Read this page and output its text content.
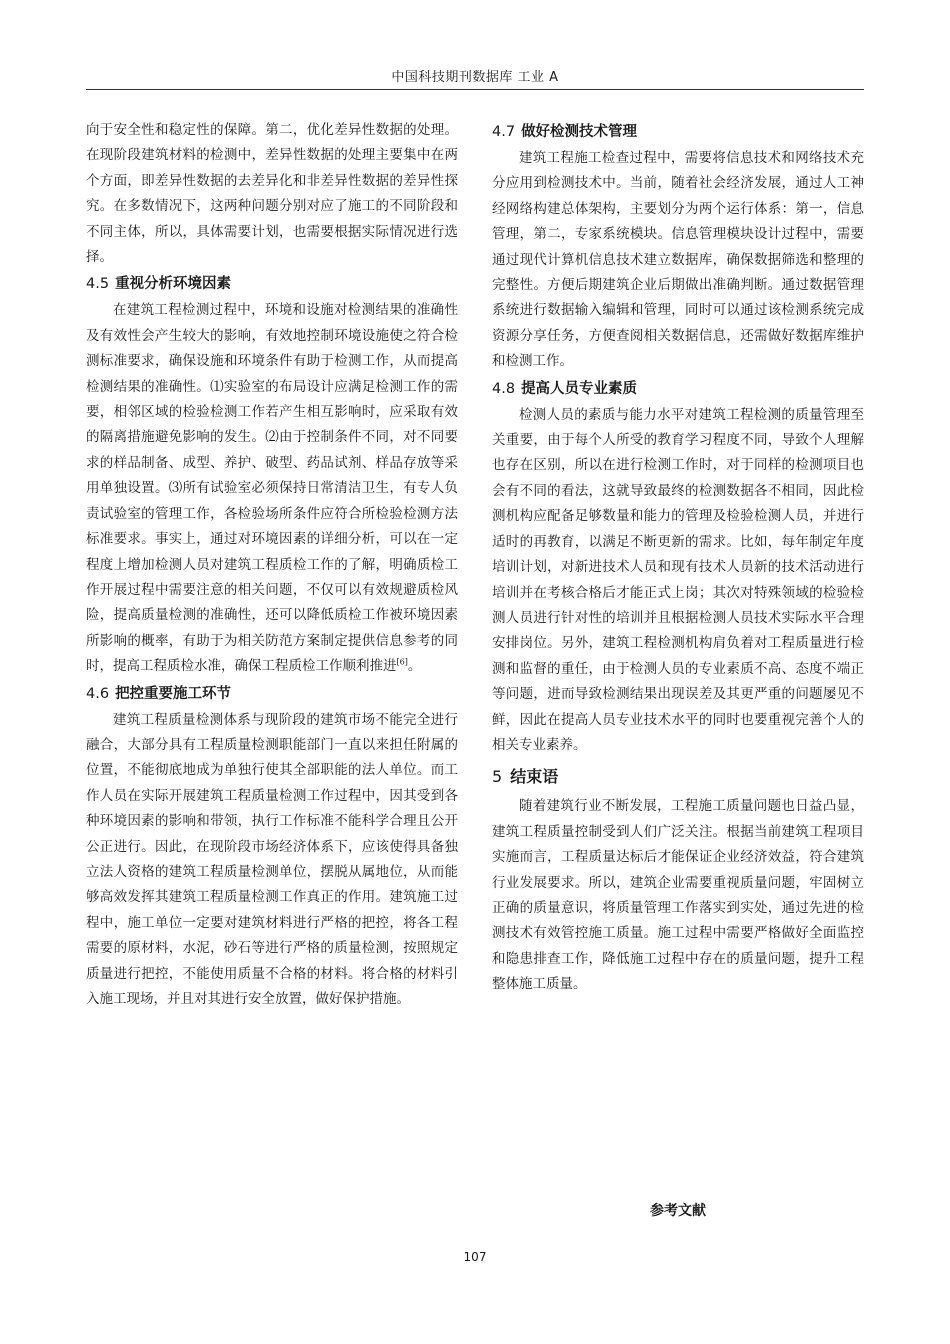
中国科技期刊数据库 工业 A

向于安全性和稳定性的保障。第二，优化差异性数据的处理。在现阶段建筑材料的检测中，差异性数据的处理主要集中在两个方面，即差异性数据的去差异化和非差异性数据的差异性探究。在多数情况下，这两种问题分别对应了施工的不同阶段和不同主体，所以，具体需要计划，也需要根据实际情况进行选择。

4.5 重视分析环境因素

在建筑工程检测过程中，环境和设施对检测结果的准确性及有效性会产生较大的影响，有效地控制环境设施使之符合检测标准要求，确保设施和环境条件有助于检测工作，从而提高检测结果的准确性。⑴实验室的布局设计应满足检测工作的需要，相邻区域的检验检测工作若产生相互影响时，应采取有效的隔离措施避免影响的发生。⑵由于控制条件不同，对不同要求的样品制备、成型、养护、破型、药品试剂、样品存放等采用单独设置。⑶所有试验室必须保持日常清洁卫生，有专人负责试验室的管理工作，各检验场所条件应符合所检验检测方法标准要求。事实上，通过对环境因素的详细分析，可以在一定程度上增加检测人员对建筑工程质检工作的了解，明确质检工作开展过程中需要注意的相关问题，不仅可以有效规避质检风险，提高质量检测的准确性，还可以降低质检工作被环境因素所影响的概率，有助于为相关防范方案制定提供信息参考的同时，提高工程质检水准，确保工程质检工作顺利推进[6]。

4.6 把控重要施工环节

建筑工程质量检测体系与现阶段的建筑市场不能完全进行融合，大部分具有工程质量检测职能部门一直以来担任附属的位置，不能彻底地成为单独行使其全部职能的法人单位。而工作人员在实际开展建筑工程质量检测工作过程中，因其受到各种环境因素的影响和带领，执行工作标准不能科学合理且公开公正进行。因此，在现阶段市场经济体系下，应该使得具备独立法人资格的建筑工程质量检测单位，摆脱从属地位，从而能够高效发挥其建筑工程质量检测工作真正的作用。建筑施工过程中，施工单位一定要对建筑材料进行严格的把控，将各工程需要的原材料，水泥，砂石等进行严格的质量检测，按照规定质量进行把控，不能使用质量不合格的材料。将合格的材料引入施工现场，并且对其进行安全放置，做好保护措施。

4.7 做好检测技术管理

建筑工程施工检查过程中，需要将信息技术和网络技术充分应用到检测技术中。当前，随着社会经济发展，通过人工神经网络构建总体架构，主要划分为两个运行体系：第一，信息管理，第二，专家系统模块。信息管理模块设计过程中，需要通过现代计算机信息技术建立数据库，确保数据筛选和整理的完整性。方便后期建筑企业后期做出准确判断。通过数据管理系统进行数据输入编辑和管理，同时可以通过该检测系统完成资源分享任务，方便查阅相关数据信息，还需做好数据库维护和检测工作。

4.8 提高人员专业素质

检测人员的素质与能力水平对建筑工程检测的质量管理至关重要，由于每个人所受的教育学习程度不同，导致个人理解也存在区别，所以在进行检测工作时，对于同样的检测项目也会有不同的看法，这就导致最终的检测数据各不相同，因此检测机构应配备足够数量和能力的管理及检验检测人员，并进行适时的再教育，以满足不断更新的需求。比如，每年制定年度培训计划，对新进技术人员和现有技术人员新的技术活动进行培训并在考核合格后才能正式上岗；其次对特殊领域的检验检测人员进行针对性的培训并且根据检测人员技术实际水平合理安排岗位。另外，建筑工程检测机构肩负着对工程质量进行检测和监督的重任，由于检测人员的专业素质不高、态度不端正等问题，进而导致检测结果出现误差及其更严重的问题屡见不鲜，因此在提高人员专业技术水平的同时也要重视完善个人的相关专业素养。

5 结束语

随着建筑行业不断发展，工程施工质量问题也日益凸显，建筑工程质量控制受到人们广泛关注。根据当前建筑工程项目实施而言，工程质量达标后才能保证企业经济效益，符合建筑行业发展要求。所以，建筑企业需要重视质量问题，牢固树立正确的质量意识，将质量管理工作落实到实处，通过先进的检测技术有效管控施工质量。施工过程中需要严格做好全面监控和隐患排查工作，降低施工过程中存在的质量问题，提升工程整体施工质量。

参考文献
107
